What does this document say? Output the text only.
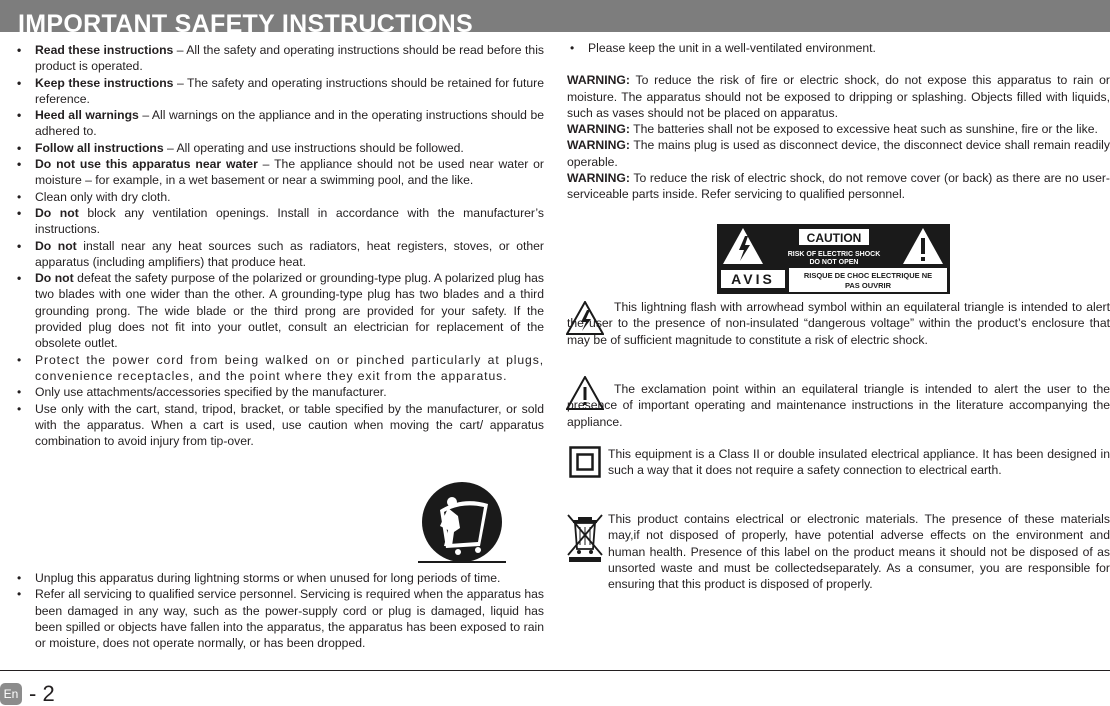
IMPORTANT SAFETY INSTRUCTIONS
• Read these instructions – All the safety and operating instructions should be read before this product is operated.
• Keep these instructions – The safety and operating instructions should be retained for future reference.
• Heed all warnings – All warnings on the appliance and in the operating instructions should be adhered to.
• Follow all instructions – All operating and use instructions should be followed.
• Do not use this apparatus near water – The appliance should not be used near water or moisture – for example, in a wet basement or near a swimming pool, and the like.
• Clean only with dry cloth.
• Do not block any ventilation openings. Install in accordance with the manufacturer’s instructions.
• Do not install near any heat sources such as radiators, heat registers, stoves, or other apparatus (including amplifiers) that produce heat.
• Do not defeat the safety purpose of the polarized or grounding-type plug. A polarized plug has two blades with one wider than the other. A grounding-type plug has two blades and a third grounding prong. The wide blade or the third prong are provided for your safety. If the provided plug does not fit into your outlet, consult an electrician for replacement of the obsolete outlet.
• Protect the power cord from being walked on or pinched particularly at plugs, convenience receptacles, and the point where they exit from the apparatus.
• Only use attachments/accessories specified by the manufacturer.
• Use only with the cart, stand, tripod, bracket, or table specified by the manufacturer, or sold with the apparatus. When a cart is used, use caution when moving the cart/ apparatus combination to avoid injury from tip-over.
• Unplug this apparatus during lightning storms or when unused for long periods of time.
• Refer all servicing to qualified service personnel. Servicing is required when the apparatus has been damaged in any way, such as the power-supply cord or plug is damaged, liquid has been spilled or objects have fallen into the apparatus, the apparatus has been exposed to rain or moisture, does not operate normally, or has been dropped.
• Please keep the unit in a well-ventilated environment.

WARNING: To reduce the risk of fire or electric shock, do not expose this apparatus to rain or moisture. The apparatus should not be exposed to dripping or splashing. Objects filled with liquids, such as vases should not be placed on apparatus.

WARNING: The batteries shall not be exposed to excessive heat such as sunshine, fire or the like.

WARNING: The mains plug is used as disconnect device, the disconnect device shall remain readily operable.

WARNING: To reduce the risk of electric shock, do not remove cover (or back) as there are no user-serviceable parts inside. Refer servicing to qualified personnel.

CAUTION
RISK OF ELECTRIC SHOCK
DO NOT OPEN
AVIS	RISQUE DE CHOC ELECTRIQUE NE
PAS OUVRIR

This lightning flash with arrowhead symbol within an equilateral triangle is intended to alert the user to the presence of non-insulated “dangerous voltage” within the product’s enclosure that may be of sufficient magnitude to constitute a risk of electric shock.

The exclamation point within an equilateral triangle is intended to alert the user to the presence of important operating and maintenance instructions in the literature accompanying the appliance.

This equipment is a Class II or double insulated electrical appliance. It has been designed in such a way that it does not require a safety connection to electrical earth.

This product contains electrical or electronic materials. The presence of these materials may,if not disposed of properly, have potential adverse effects on the environment and human health. Presence of this label on the product means it should not be disposed of as unsorted waste and must be collectedseparately. As a consumer, you are responsible for ensuring that this product is disposed of properly.

En - 2
